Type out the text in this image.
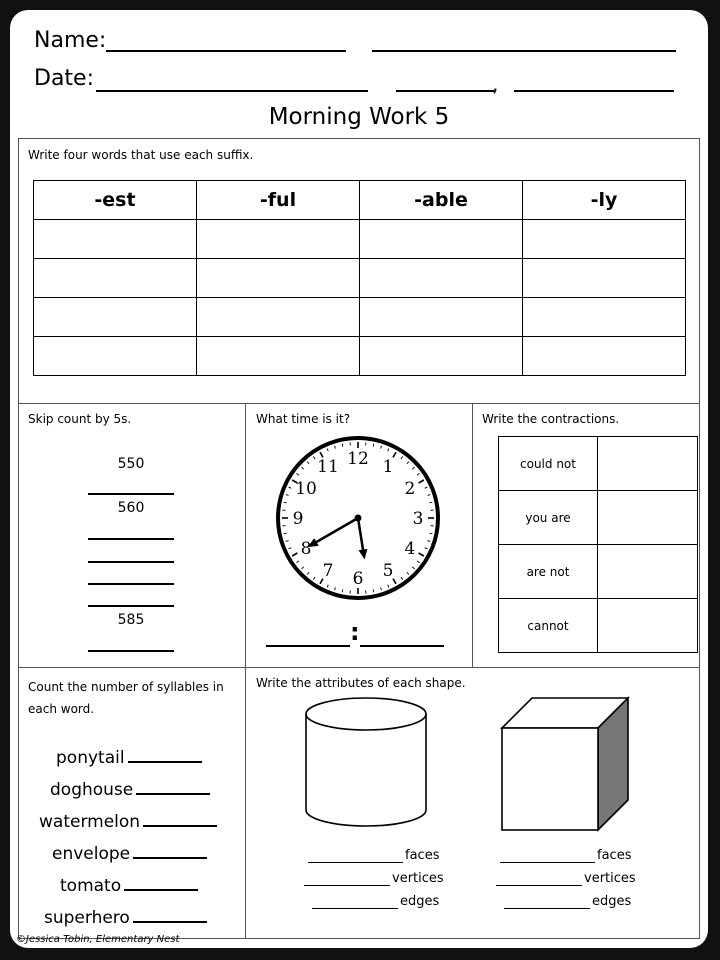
Name:
Date:	,
Morning Work 5
Write four words that use each suffix.
-est	-ful	-able	-ly

Skip count by 5s.
550
560
585
What time is it?
12 1
2
3
4
5
6
7
8
9
10
11
:
Write the contractions.
could not	
you are	
are not	
cannot	
Count the number of syllables in
each word.
ponytail
doghouse
watermelon
envelope
tomato
superhero
Write the attributes of each shape.
faces
vertices
edges
faces
vertices
edges
©Jessica Tobin, Elementary Nest
